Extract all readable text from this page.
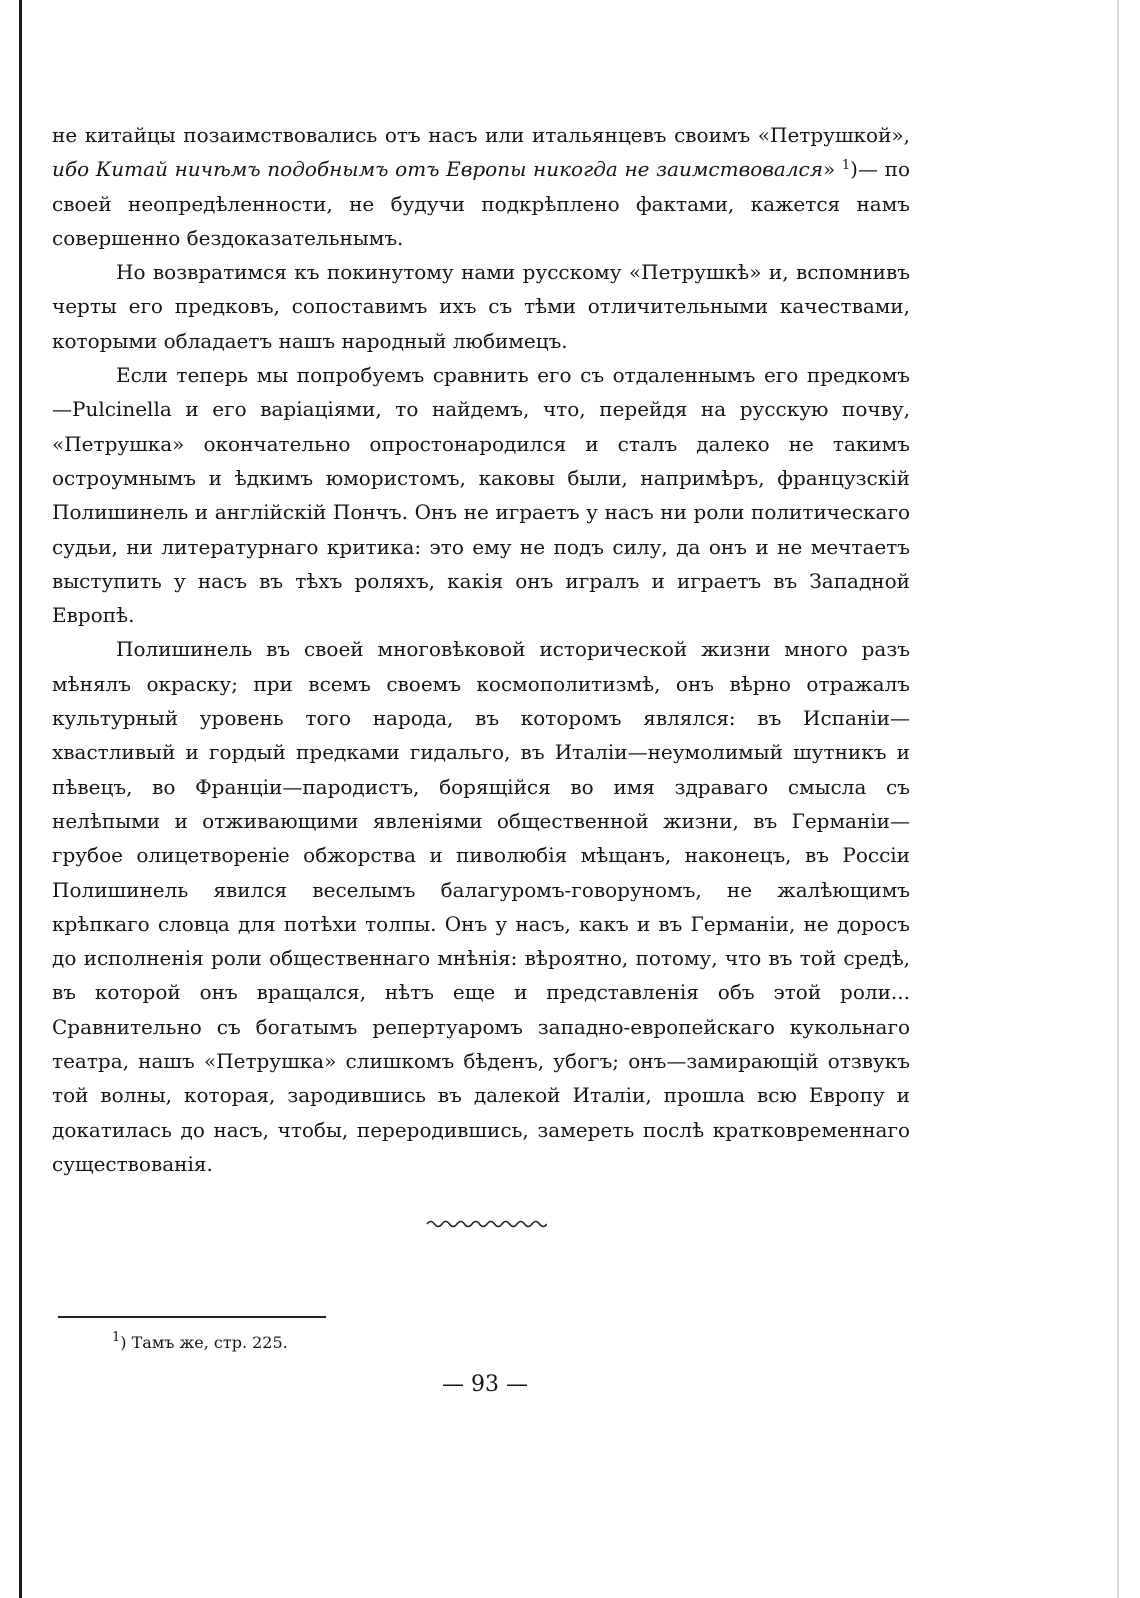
не китайцы позаимствовались отъ насъ или итальянцевъ своимъ «Петрушкой», ибо Китай ничѣмъ подобнымъ отъ Европы никогда не заимствовался» $^1$)— по своей неопредѣленности, не будучи подкрѣплено фактами, кажется намъ совершенно бездоказательнымъ.

Но возвратимся къ покинутому нами русскому «Петрушкѣ» и, вспомнивъ черты его предковъ, сопоставимъ ихъ съ тѣми отличительными качествами, которыми обладаетъ нашъ народный любимецъ.

Если теперь мы попробуемъ сравнить его съ отдаленнымъ его предкомъ—Pulcinella и его варіаціями, то найдемъ, что, перейдя на русскую почву, «Петрушка» окончательно опростонародился и сталъ далеко не такимъ остроумнымъ и ѣдкимъ юмористомъ, каковы были, напримѣръ, французскій Полишинель и англійскій Пончъ. Онъ не играетъ у насъ ни роли политическаго судьи, ни литературнаго критика: это ему не подъ силу, да онъ и не мечтаетъ выступить у насъ въ тѣхъ роляхъ, какія онъ игралъ и играетъ въ Западной Европѣ.

Полишинель въ своей многовѣковой исторической жизни много разъ мѣнялъ окраску; при всемъ своемъ космополитизмѣ, онъ вѣрно отражалъ культурный уровень того народа, въ которомъ являлся: въ Испаніи—хвастливый и гордый предками гидальго, въ Италіи—неумолимый шутникъ и пѣвецъ, во Франціи—пародистъ, борящійся во имя здраваго смысла съ нелѣпыми и отживающими явленіями общественной жизни, въ Германіи—грубое олицетвореніе обжорства и пиволюбія мѣщанъ, наконецъ, въ Россіи Полишинель явился веселымъ балагуромъ-говоруномъ, не жалѣющимъ крѣпкаго словца для потѣхи толпы. Онъ у насъ, какъ и въ Германіи, не доросъ до исполненія роли общественнаго мнѣнія: вѣроятно, потому, что въ той средѣ, въ которой онъ вращался, нѣтъ еще и представленія объ этой роли... Сравнительно съ богатымъ репертуаромъ западно-европейскаго кукольнаго театра, нашъ «Петрушка» слишкомъ бѣденъ, убогъ; онъ—замирающій отзвукъ той волны, которая, зародившись въ далекой Италіи, прошла всю Европу и докатилась до насъ, чтобы, переродившись, замереть послѣ кратковременнаго существованія.

$^1$) Тамъ же, стр. 225.
— 93 —
